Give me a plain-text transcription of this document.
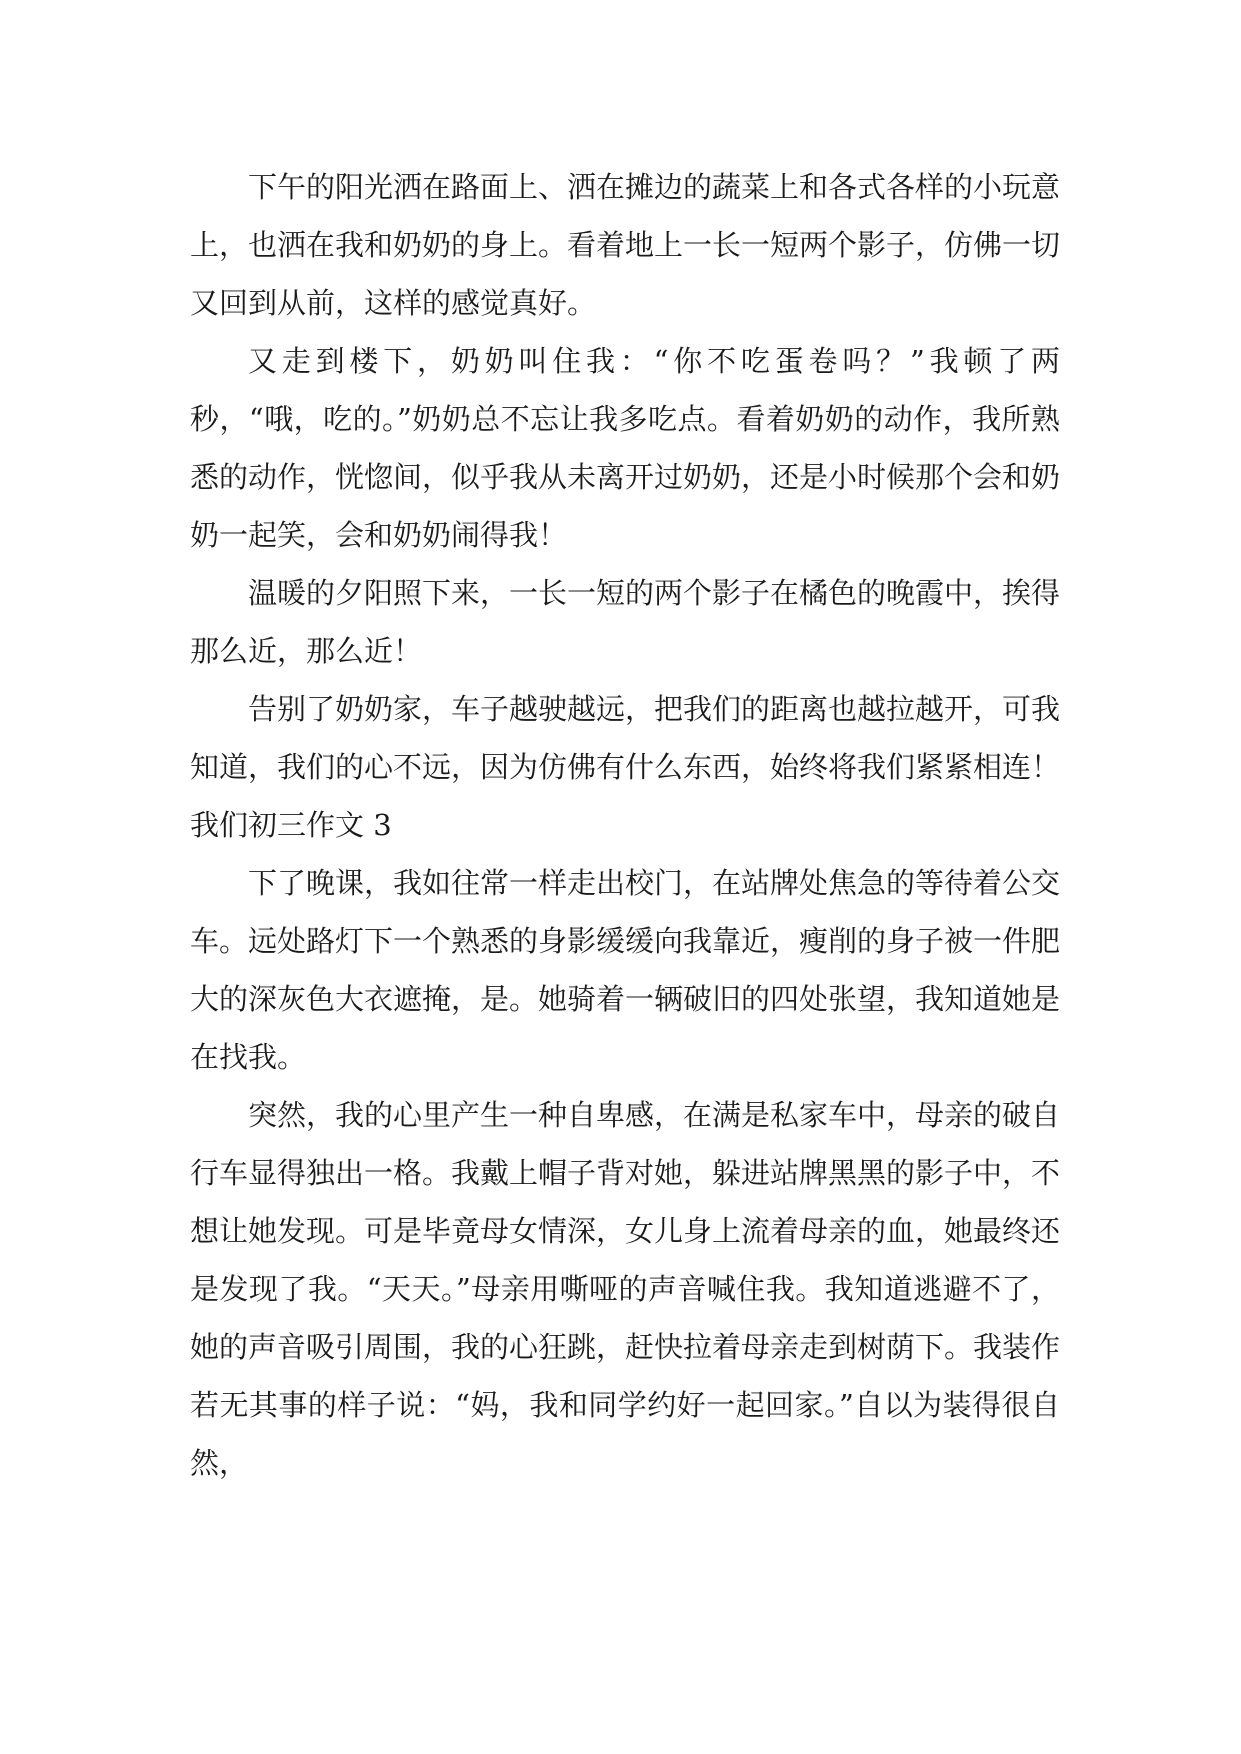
下午的阳光洒在路面上、洒在摊边的蔬菜上和各式各样的小玩意上，也洒在我和奶奶的身上。看着地上一长一短两个影子，仿佛一切又回到从前，这样的感觉真好。

又走到楼下，奶奶叫住我：“你不吃蛋卷吗？”我顿了两秒，“哦，吃的。”奶奶总不忘让我多吃点。看着奶奶的动作，我所熟悉的动作，恍惚间，似乎我从未离开过奶奶，还是小时候那个会和奶奶一起笑，会和奶奶闹得我！

温暖的夕阳照下来，一长一短的两个影子在橘色的晚霞中，挨得那么近，那么近！

告别了奶奶家，车子越驶越远，把我们的距离也越拉越开，可我知道，我们的心不远，因为仿佛有什么东西，始终将我们紧紧相连！

我们初三作文 3

下了晚课，我如往常一样走出校门，在站牌处焦急的等待着公交车。远处路灯下一个熟悉的身影缓缓向我靠近，瘦削的身子被一件肥大的深灰色大衣遮掩，是。她骑着一辆破旧的四处张望，我知道她是在找我。

突然，我的心里产生一种自卑感，在满是私家车中，母亲的破自行车显得独出一格。我戴上帽子背对她，躲进站牌黑黑的影子中，不想让她发现。可是毕竟母女情深，女儿身上流着母亲的血，她最终还是发现了我。“天天。”母亲用嘶哑的声音喊住我。我知道逃避不了，她的声音吸引周围，我的心狂跳，赶快拉着母亲走到树荫下。我装作若无其事的样子说：“妈，我和同学约好一起回家。”自以为装得很自然，
